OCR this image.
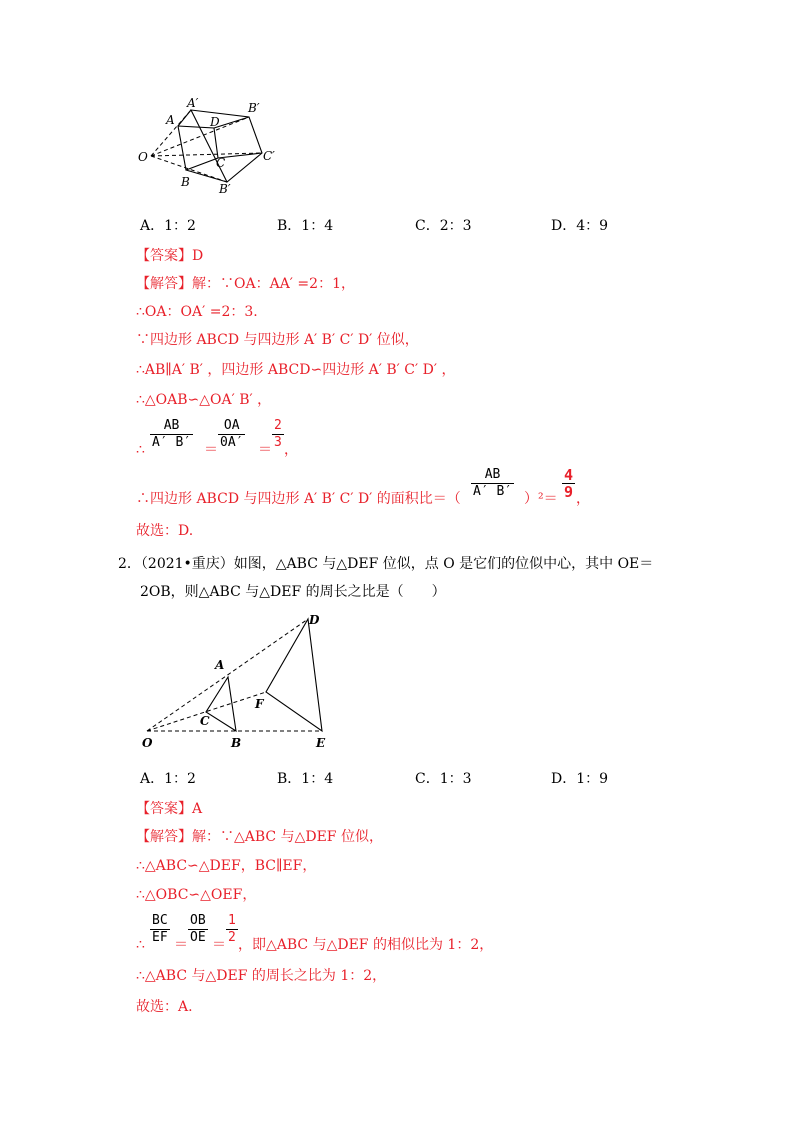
O
A	D
C
B
A′	B′
C′
B′
A．1：2	B．1：4	C．2：3	D．4：9
【答案】D
【解答】解：∵OA：AA′ =2：1，
∴OA：OA′ =2：3.
∵四边形 ABCD 与四边形 A′ B′ C′ D′ 位似，
∴AB∥A′ B′ ，四边形 ABCD∽四边形 A′ B′ C′ D′ ，
∴△OAB∽△OA′ B′ ，
∴ $\frac{AB}{A' B'} = \frac{OA}{0A'} = \frac{2}{3}$ ，
∴四边形 ABCD 与四边形 A′ B′ C′ D′ 的面积比＝（ $\frac{AB}{A' B'} )^2= \frac{4}{9}$ ，
故选：D.
2．（2021•重庆）如图，△ABC 与△DEF 位似，点 O 是它们的位似中心，其中 OE＝
2OB，则△ABC 与△DEF 的周长之比是（　　）
O
A
B
C
D
E
F
A．1：2	B．1：4	C．1：3	D．1：9
【答案】A
【解答】解：∵△ABC 与△DEF 位似，
∴△ABC∽△DEF，BC∥EF，
∴△OBC∽△OEF，
∴ $\frac{BC}{EF} = \frac{OB}{OE} = \frac{1}{2}$ ，即△ABC 与△DEF 的相似比为 1：2，
∴△ABC 与△DEF 的周长之比为 1：2，
故选：A.
